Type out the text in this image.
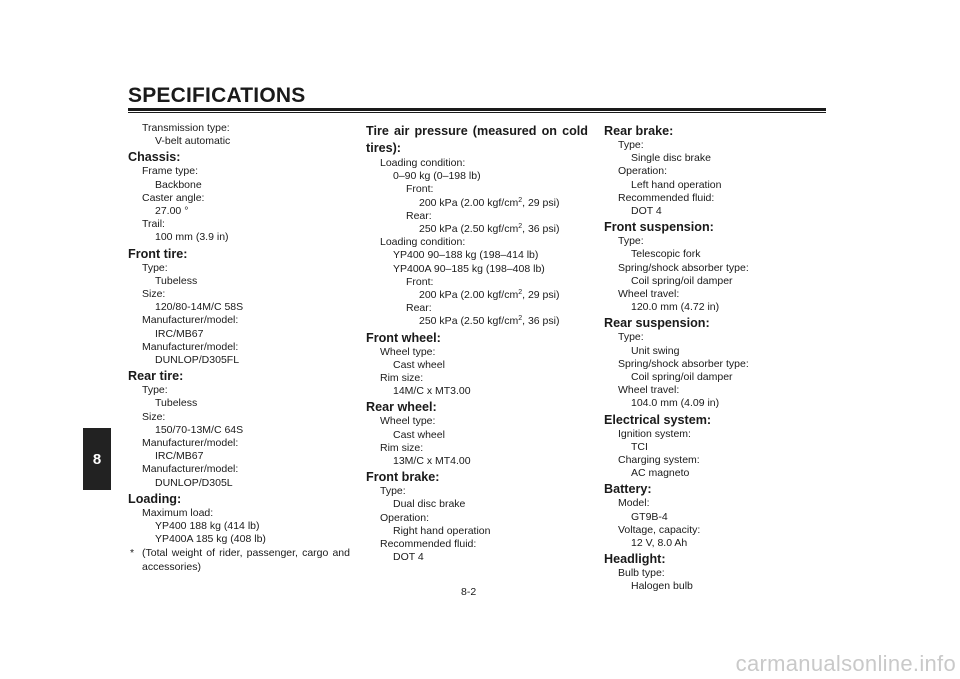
SPECIFICATIONS
8
Transmission type:
V-belt automatic
Chassis:
Frame type:
Backbone
Caster angle:
27.00 °
Trail:
100 mm (3.9 in)
Front tire:
Type:
Tubeless
Size:
120/80-14M/C 58S
Manufacturer/model:
IRC/MB67
Manufacturer/model:
DUNLOP/D305FL
Rear tire:
Type:
Tubeless
Size:
150/70-13M/C 64S
Manufacturer/model:
IRC/MB67
Manufacturer/model:
DUNLOP/D305L
Loading:
Maximum load:
YP400 188 kg (414 lb)
YP400A 185 kg (408 lb)
* (Total weight of rider, passenger, cargo and accessories)
Tire air pressure (measured on cold tires):
Loading condition:
0–90 kg (0–198 lb)
Front:
200 kPa (2.00 kgf/$cm^2$, 29 psi)
Rear:
250 kPa (2.50 kgf/$cm^2$, 36 psi)
Loading condition:
YP400 90–188 kg (198–414 lb)
YP400A 90–185 kg (198–408 lb)
Front:
200 kPa (2.00 kgf/$cm^2$, 29 psi)
Rear:
250 kPa (2.50 kgf/$cm^2$, 36 psi)
Front wheel:
Wheel type:
Cast wheel
Rim size:
14M/C x MT3.00
Rear wheel:
Wheel type:
Cast wheel
Rim size:
13M/C x MT4.00
Front brake:
Type:
Dual disc brake
Operation:
Right hand operation
Recommended fluid:
DOT 4
Rear brake:
Type:
Single disc brake
Operation:
Left hand operation
Recommended fluid:
DOT 4
Front suspension:
Type:
Telescopic fork
Spring/shock absorber type:
Coil spring/oil damper
Wheel travel:
120.0 mm (4.72 in)
Rear suspension:
Type:
Unit swing
Spring/shock absorber type:
Coil spring/oil damper
Wheel travel:
104.0 mm (4.09 in)
Electrical system:
Ignition system:
TCI
Charging system:
AC magneto
Battery:
Model:
GT9B-4
Voltage, capacity:
12 V, 8.0 Ah
Headlight:
Bulb type:
Halogen bulb
8-2
carmanualsonline.info
